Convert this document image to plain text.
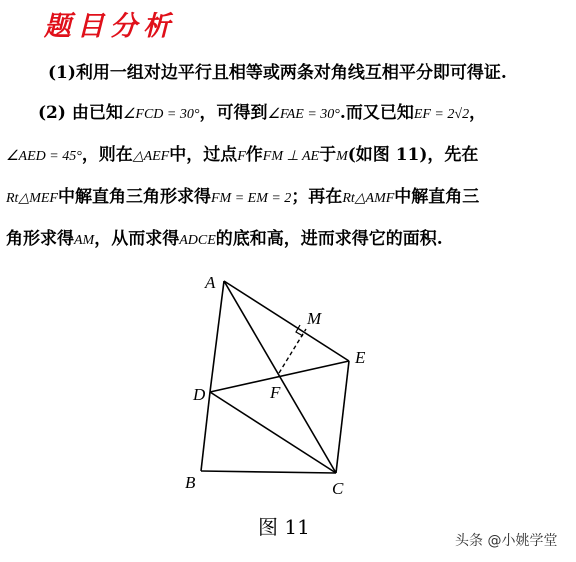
题目分析
(1)利用一组对边平行且相等或两条对角线互相平分即可得证.
(2) 由已知∠FCD = 30°，可得到∠FAE = 30°.而又已知EF = 2√2，
∠AED = 45°，则在△AEF中，过点F作FM ⊥ AE于M(如图 11)，先在
Rt△MEF中解直角三角形求得FM = EM = 2；再在Rt△AMF中解直角三
角形求得AM，从而求得ADCE的底和高，进而求得它的面积.
A
M
E
D	F
B	C
图 11
头条 @小姚学堂
